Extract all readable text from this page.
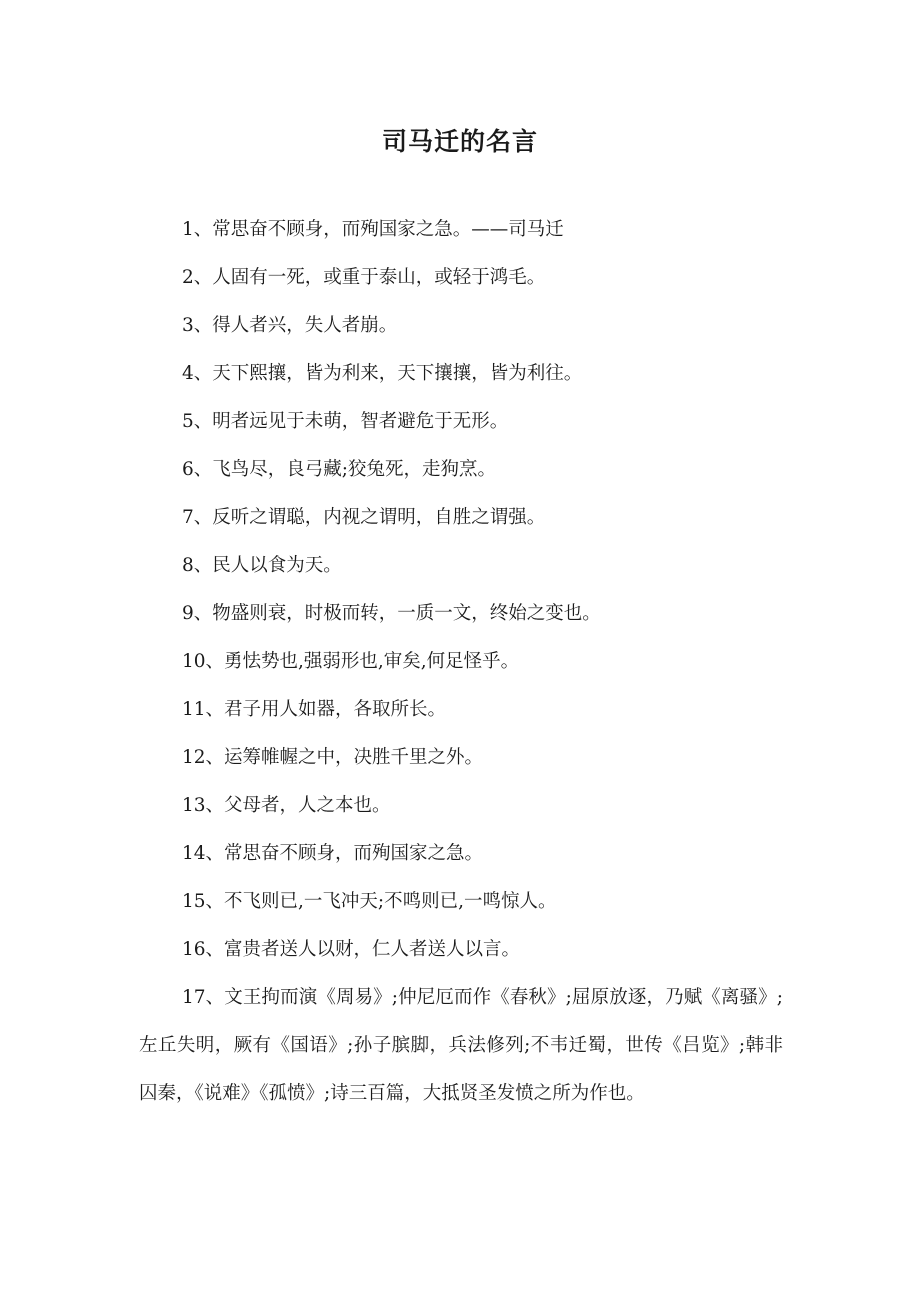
司马迁的名言
1、常思奋不顾身，而殉国家之急。——司马迁
2、人固有一死，或重于泰山，或轻于鸿毛。
3、得人者兴，失人者崩。
4、天下熙攘，皆为利来，天下攘攘，皆为利往。
5、明者远见于未萌，智者避危于无形。
6、飞鸟尽，良弓藏;狡兔死，走狗烹。
7、反听之谓聪，内视之谓明，自胜之谓强。
8、民人以食为天。
9、物盛则衰，时极而转，一质一文，终始之变也。
10、勇怯势也,强弱形也,审矣,何足怪乎。
11、君子用人如器，各取所长。
12、运筹帷幄之中，决胜千里之外。
13、父母者，人之本也。
14、常思奋不顾身，而殉国家之急。
15、不飞则已,一飞冲天;不鸣则已,一鸣惊人。
16、富贵者送人以财，仁人者送人以言。
17、文王拘而演《周易》;仲尼厄而作《春秋》;屈原放逐，乃赋《离骚》;左丘失明，厥有《国语》;孙子膑脚，兵法修列;不韦迁蜀，世传《吕览》;韩非囚秦，《说难》《孤愤》;诗三百篇，大抵贤圣发愤之所为作也。
